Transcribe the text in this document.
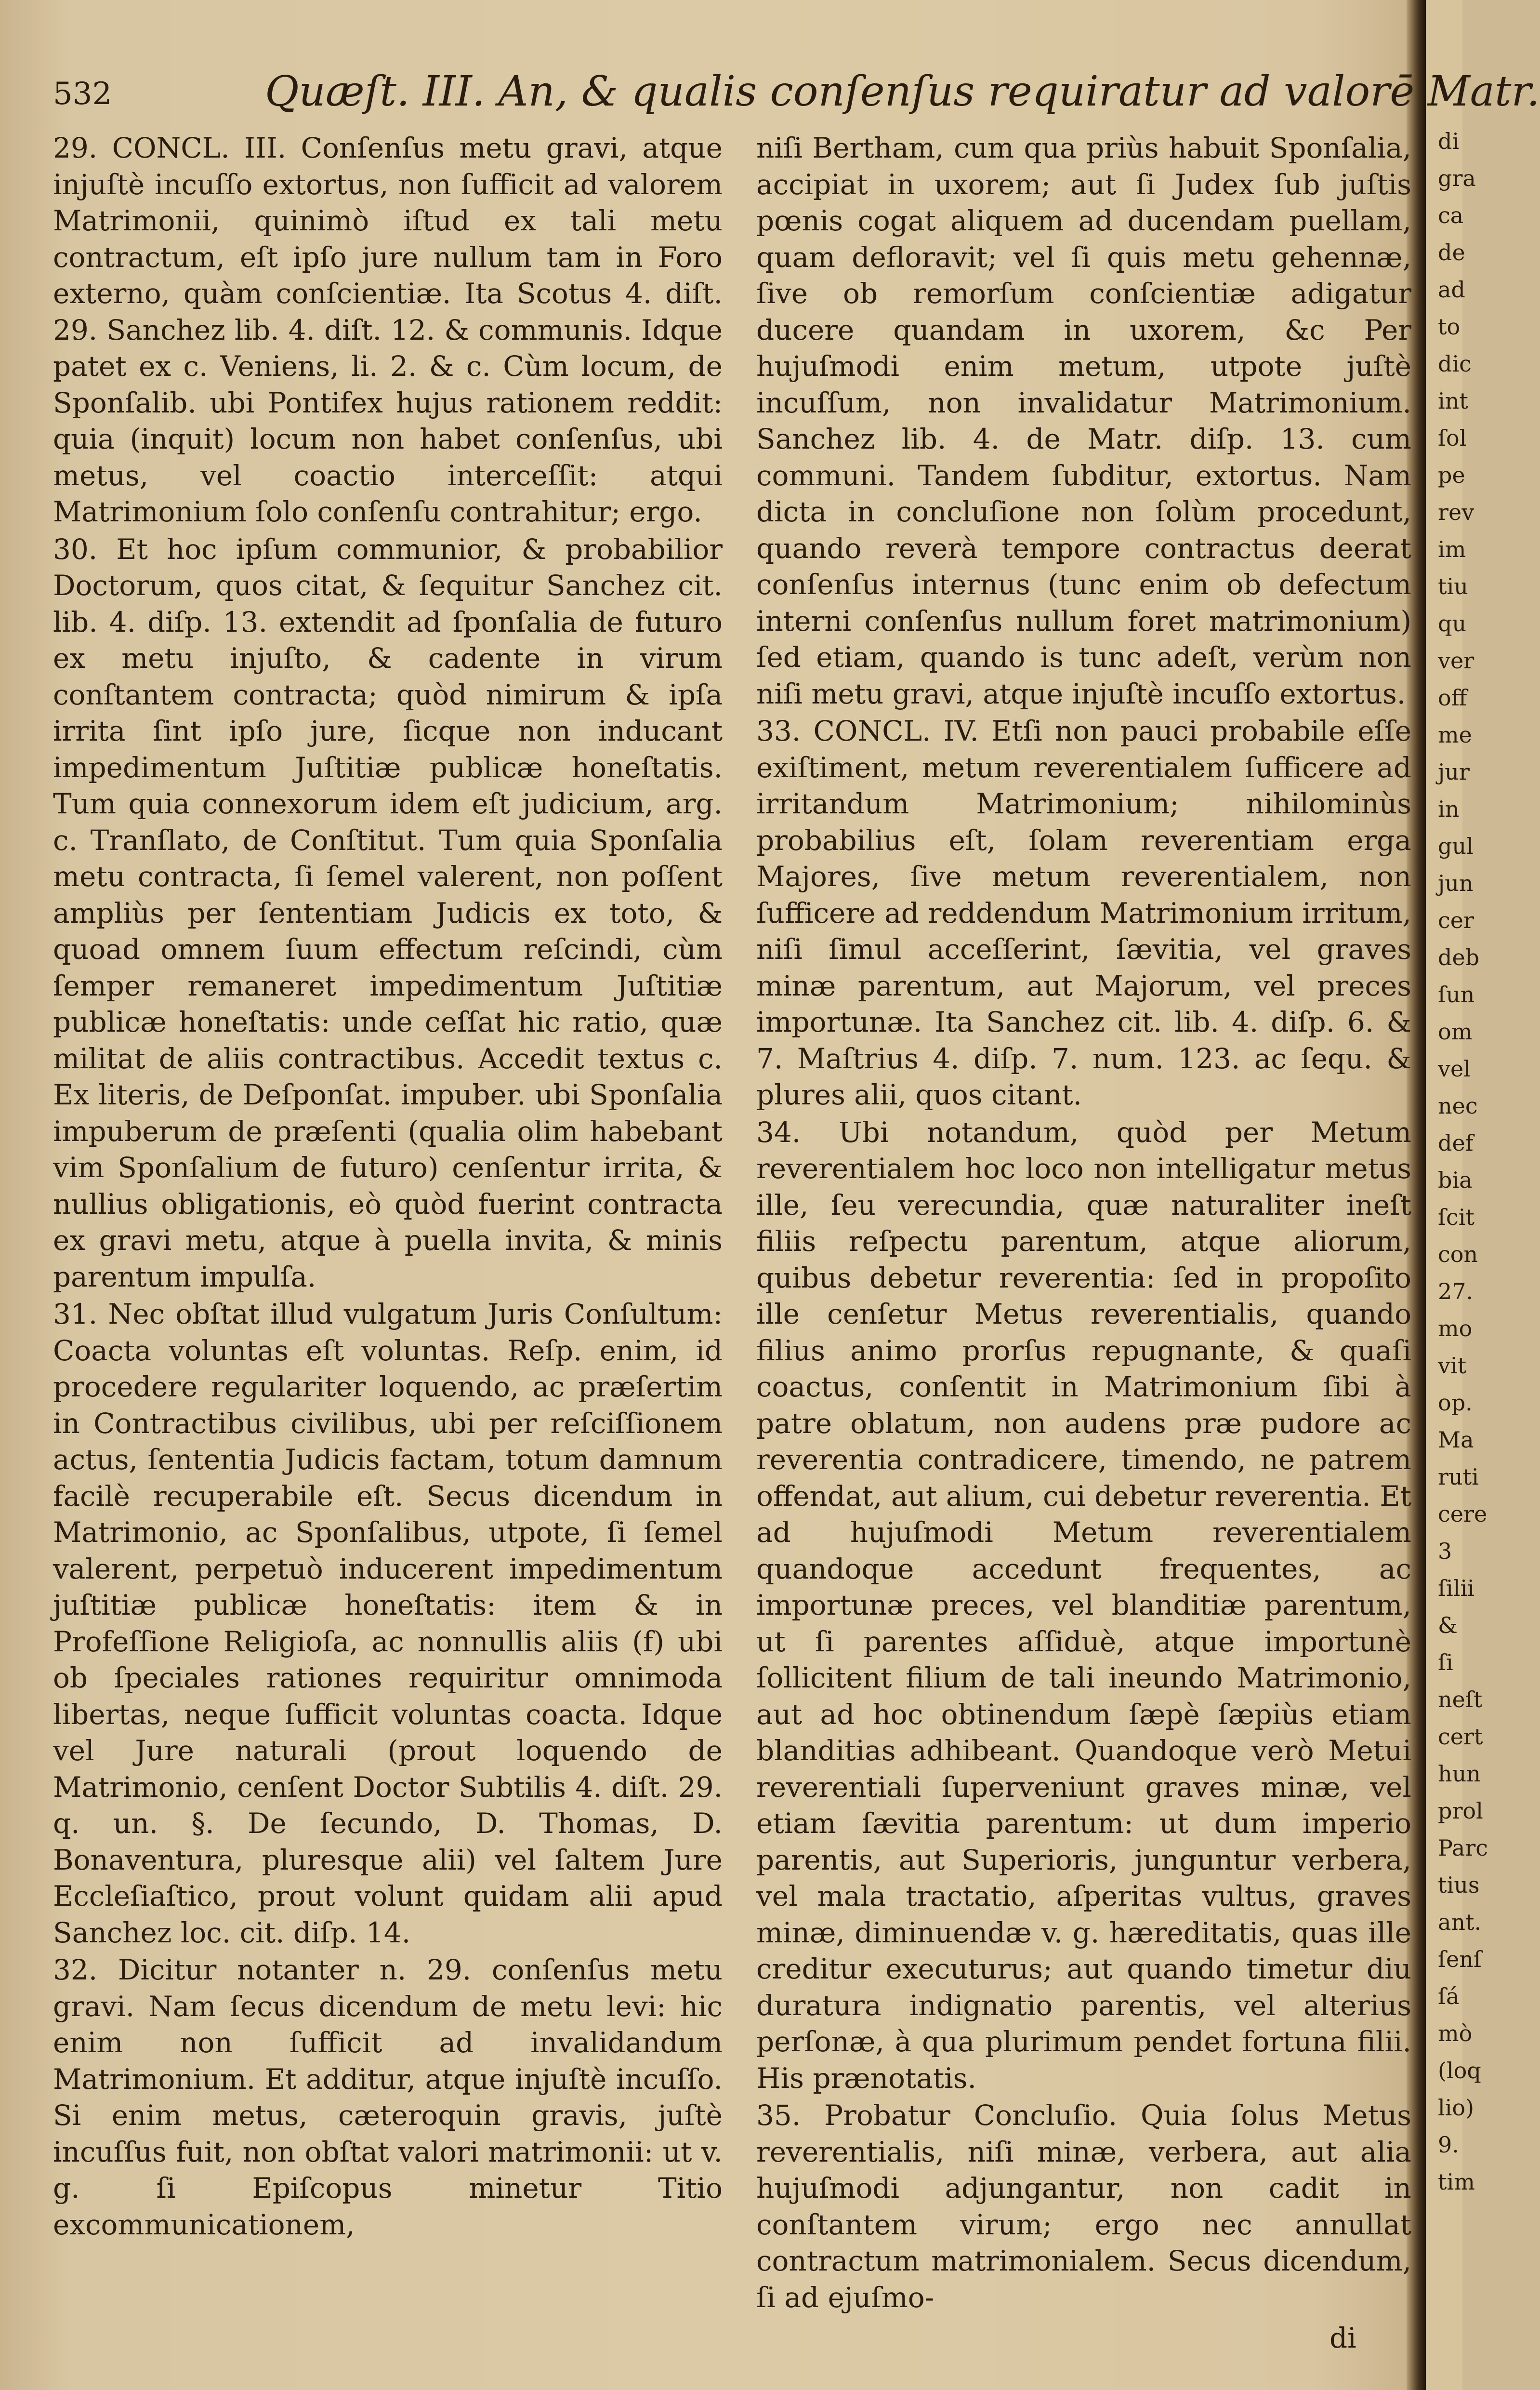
di
gra
ca
de
ad
to
dic
int
ſol
pe
rev
im
tiu
qu
ver
off
me
jur
in
gul
jun
cer
deb
ſun
om
vel
nec
def
bia
ſcit
con
27.
mo
vit
op.
Ma
ruti
cere
3
ſilii
&
ſi
neſt
cert
hun
prol
Parc
tius
ant.
ſenſ
ſá
mò
(loq
lio)
9.
tim
532	Quæſt. III. An, & qualis conſenſus requiratur ad valorē Matr.

29. CONCL. III. Conſenſus metu gravi, atque injuſtè incuſſo extortus, non ſufficit ad valorem Matrimonii, quinimò iſtud ex tali metu contractum, eſt ipſo jure nullum tam in Foro externo, quàm conſcientiæ. Ita Scotus 4. diſt. 29. Sanchez lib. 4. diſt. 12. & communis. Idque patet ex c. Veniens, li. 2. & c. Cùm locum, de Sponſalib. ubi Pontifex hujus rationem reddit: quia (inquit) locum non habet conſenſus, ubi metus, vel coactio interceſſit: atqui Matrimonium ſolo conſenſu contrahitur; ergo.

30. Et hoc ipſum communior, & probabilior Doctorum, quos citat, & ſequitur Sanchez cit. lib. 4. diſp. 13. extendit ad ſponſalia de futuro ex metu injuſto, & cadente in virum conſtantem contracta; quòd nimirum & ipſa irrita ſint ipſo jure, ſicque non inducant impedimentum Juſtitiæ publicæ honeſtatis. Tum quia connexorum idem eſt judicium, arg. c. Tranſlato, de Conſtitut. Tum quia Sponſalia metu contracta, ſi ſemel valerent, non poſſent ampliùs per ſententiam Judicis ex toto, & quoad omnem ſuum effectum reſcindi, cùm ſemper remaneret impedimentum Juſtitiæ publicæ honeſtatis: unde ceſſat hic ratio, quæ militat de aliis contractibus. Accedit textus c. Ex literis, de Deſponſat. impuber. ubi Sponſalia impuberum de præſenti (qualia olim habebant vim Sponſalium de futuro) cenſentur irrita, & nullius obligationis, eò quòd fuerint contracta ex gravi metu, atque à puella invita, & minis parentum impulſa.

31. Nec obſtat illud vulgatum Juris Conſultum: Coacta voluntas eſt voluntas. Reſp. enim, id procedere regulariter loquendo, ac præſertim in Contractibus civilibus, ubi per reſciſſionem actus, ſententia Judicis factam, totum damnum facilè recuperabile eſt. Secus dicendum in Matrimonio, ac Sponſalibus, utpote, ſi ſemel valerent, perpetuò inducerent impedimentum juſtitiæ publicæ honeſtatis: item & in Profeſſione Religioſa, ac nonnullis aliis (f) ubi ob ſpeciales rationes requiritur omnimoda libertas, neque ſufficit voluntas coacta. Idque vel Jure naturali (prout loquendo de Matrimonio, cenſent Doctor Subtilis 4. diſt. 29. q. un. §. De ſecundo, D. Thomas, D. Bonaventura, pluresque alii) vel ſaltem Jure Eccleſiaſtico, prout volunt quidam alii apud Sanchez loc. cit. diſp. 14.

32. Dicitur notanter n. 29. conſenſus metu gravi. Nam ſecus dicendum de metu levi: hic enim non ſufficit ad invalidandum Matrimonium. Et additur, atque injuſtè incuſſo. Si enim metus, cæteroquin gravis, juſtè incuſſus fuit, non obſtat valori matrimonii: ut v. g. ſi Epiſcopus minetur Titio excommunicationem,

niſi Bertham, cum qua priùs habuit Sponſalia, accipiat in uxorem; aut ſi Judex ſub juſtis pœnis cogat aliquem ad ducendam puellam, quam defloravit; vel ſi quis metu gehennæ, ſive ob remorſum conſcientiæ adigatur ducere quandam in uxorem, &c Per hujuſmodi enim metum, utpote juſtè incuſſum, non invalidatur Matrimonium. Sanchez lib. 4. de Matr. diſp. 13. cum communi. Tandem ſubditur, extortus. Nam dicta in concluſione non ſolùm procedunt, quando reverà tempore contractus deerat conſenſus internus (tunc enim ob defectum interni conſenſus nullum foret matrimonium) ſed etiam, quando is tunc adeſt, verùm non niſi metu gravi, atque injuſtè incuſſo extortus.

33. CONCL. IV. Etſi non pauci probabile eſſe exiſtiment, metum reverentialem ſufficere ad irritandum Matrimonium; nihilominùs probabilius eſt, ſolam reverentiam erga Majores, ſive metum reverentialem, non ſufficere ad reddendum Matrimonium irritum, niſi ſimul acceſſerint, ſævitia, vel graves minæ parentum, aut Majorum, vel preces importunæ. Ita Sanchez cit. lib. 4. diſp. 6. & 7. Maſtrius 4. diſp. 7. num. 123. ac ſequ. & plures alii, quos citant.

34. Ubi notandum, quòd per Metum reverentialem hoc loco non intelligatur metus ille, ſeu verecundia, quæ naturaliter ineſt filiis reſpectu parentum, atque aliorum, quibus debetur reverentia: ſed in propoſito ille cenſetur Metus reverentialis, quando filius animo prorſus repugnante, & quaſi coactus, conſentit in Matrimonium ſibi à patre oblatum, non audens præ pudore ac reverentia contradicere, timendo, ne patrem offendat, aut alium, cui debetur reverentia. Et ad hujuſmodi Metum reverentialem quandoque accedunt frequentes, ac importunæ preces, vel blanditiæ parentum, ut ſi parentes aſſiduè, atque importunè ſollicitent filium de tali ineundo Matrimonio, aut ad hoc obtinendum ſæpè ſæpiùs etiam blanditias adhibeant. Quandoque verò Metui reverentiali ſuperveniunt graves minæ, vel etiam ſævitia parentum: ut dum imperio parentis, aut Superioris, junguntur verbera, vel mala tractatio, aſperitas vultus, graves minæ, diminuendæ v. g. hæreditatis, quas ille creditur executurus; aut quando timetur diu duratura indignatio parentis, vel alterius perſonæ, à qua plurimum pendet fortuna filii. His prænotatis.

35. Probatur Concluſio. Quia ſolus Metus reverentialis, niſi minæ, verbera, aut alia hujuſmodi adjungantur, non cadit in conſtantem virum; ergo nec annullat contractum matrimonialem. Secus dicendum, ſi ad ejuſmo-

di
